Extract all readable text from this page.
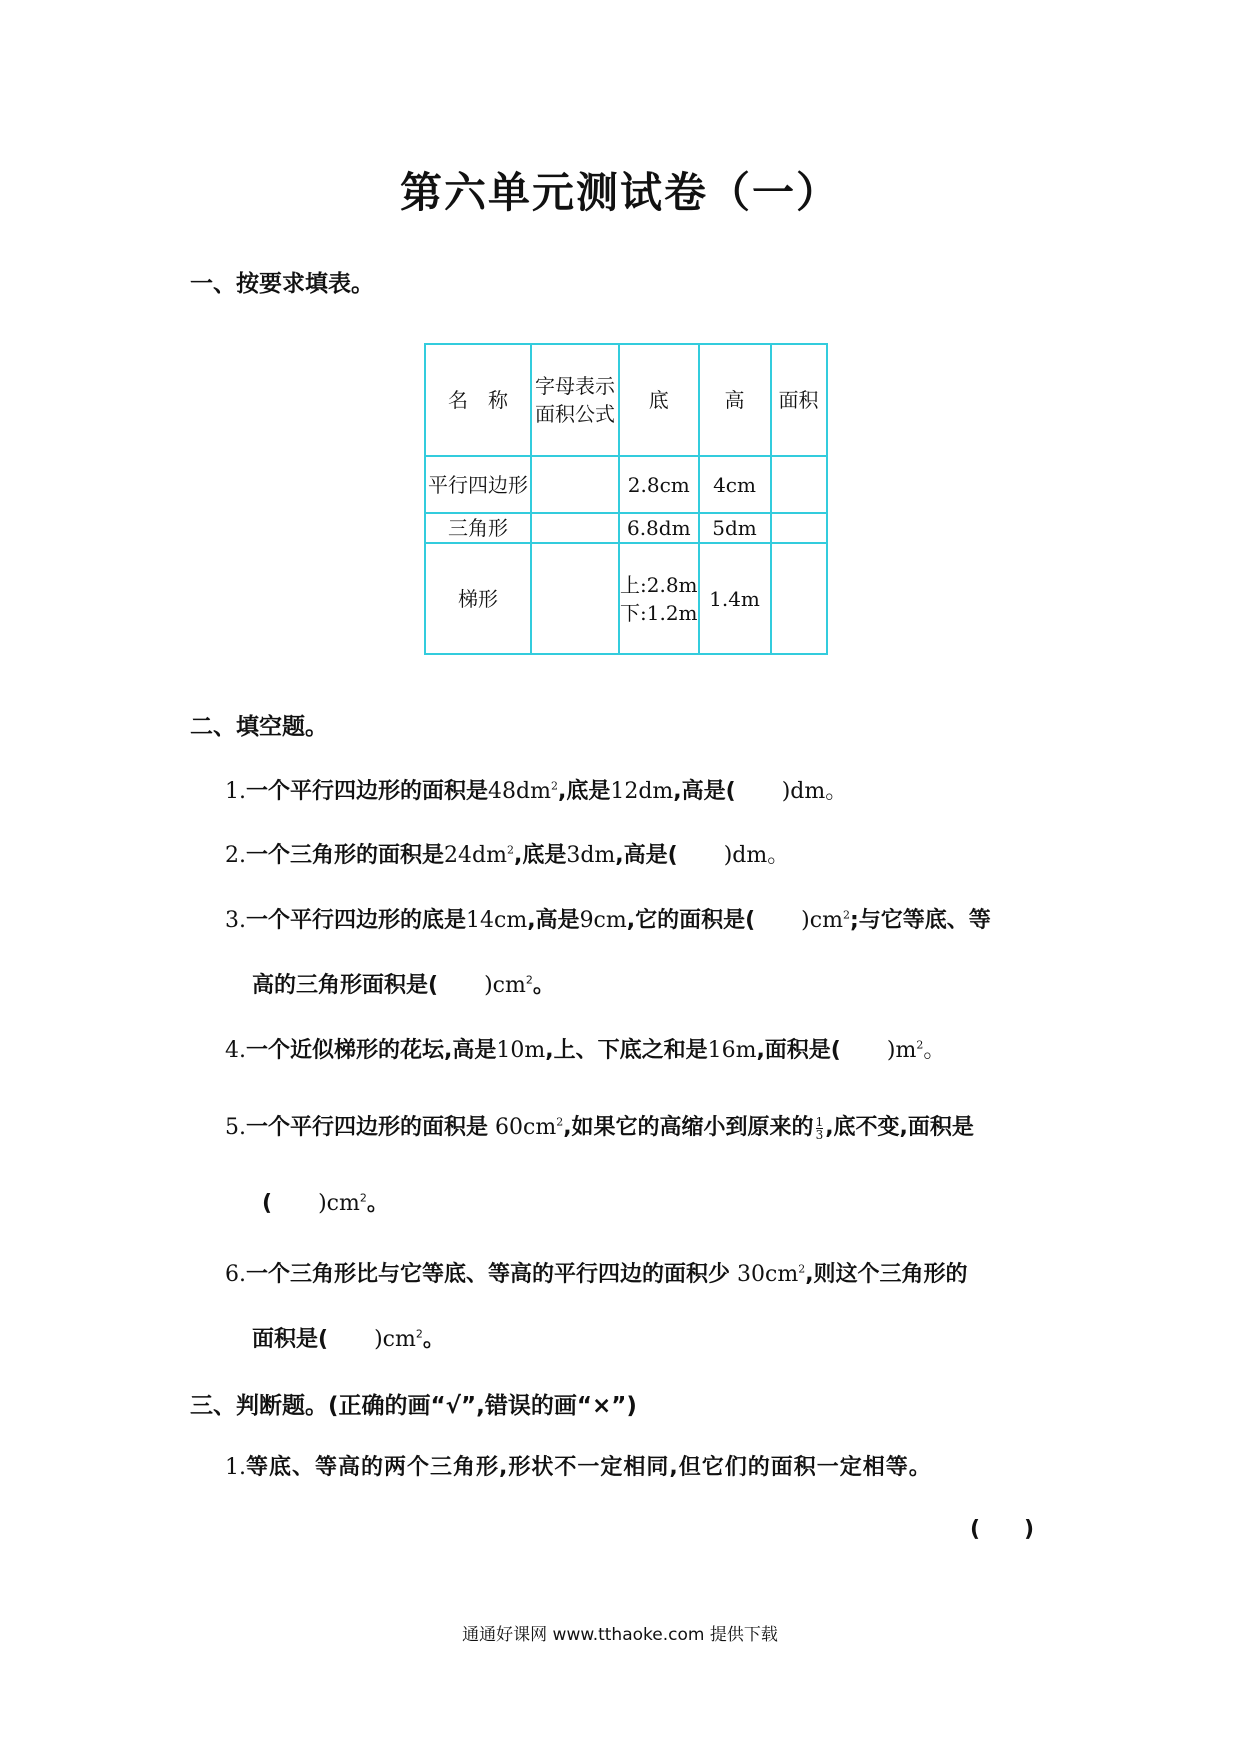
第六单元测试卷（一）
一、按要求填表。
名　称	字母表示面积公式	底	高	面积
平行四边形		2.8cm	4cm	
三角形		6.8dm	5dm	
梯形		上:2.8m 下:1.2m	1.4m	
二、填空题。
1.一个平行四边形的面积是$48dm^2$,底是12dm,高是( )dm。
2.一个三角形的面积是$24dm^2$,底是3dm,高是( )dm。
3.一个平行四边形的底是14cm,高是9cm,它的面积是( )$cm^2$;与它等底、等
高的三角形面积是( )$cm^2$。
4.一个近似梯形的花坛,高是10m,上、下底之和是16m,面积是( )$m^2$。
5.一个平行四边形的面积是 $60cm^2$,如果它的高缩小到原来的 $\frac{1}{3}$ ,底不变,面积是
( )$cm^2$。
6.一个三角形比与它等底、等高的平行四边的面积少 $30cm^2$,则这个三角形的
面积是( )$cm^2$。
三、判断题。(正确的画“√”,错误的画“×”)
1.等底、等高的两个三角形,形状不一定相同,但它们的面积一定相等。
(　　)
通通好课网 www.tthaoke.com 提供下载
